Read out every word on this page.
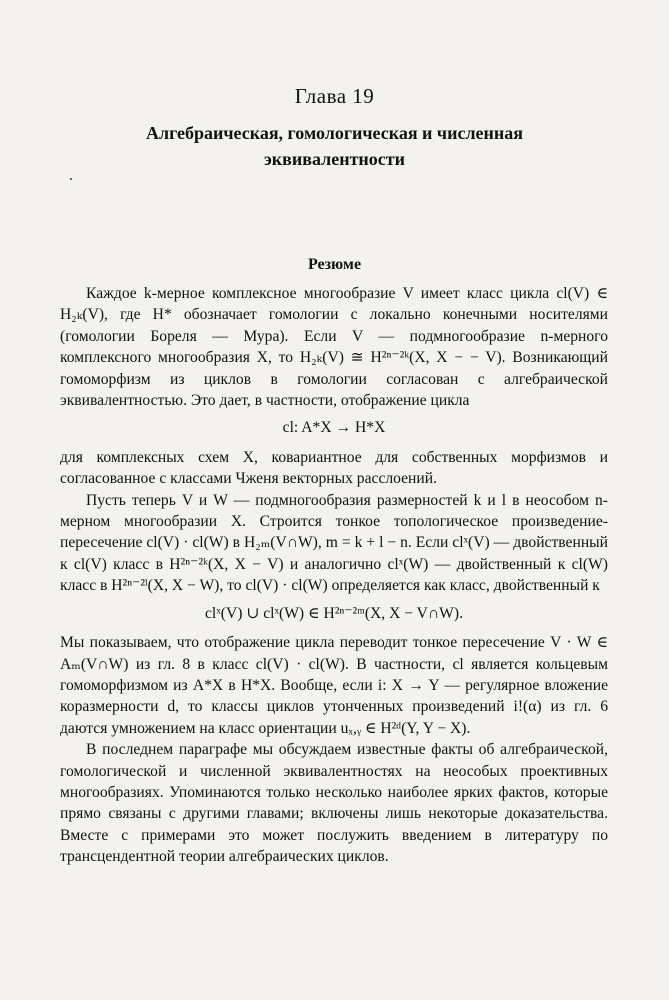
Глава 19
Алгебраическая, гомологическая и численная
эквивалентности
Резюме

Каждое k-мерное комплексное многообразие V имеет класс цикла cl(V) ∈ H₂ₖ(V), где H* обозначает гомологии с локально конечными носителями (гомологии Бореля — Мура). Если V — подмногообразие n-мерного комплексного многообразия X, то H₂ₖ(V) ≅ H²ⁿ⁻²ᵏ(X, X − − V). Возникающий гомоморфизм из циклов в гомологии согласован с алгебраической эквивалентностью. Это дает, в частности, отображение цикла

cl: A*X → H*X

для комплексных схем X, ковариантное для собственных морфизмов и согласованное с классами Чженя векторных расслоений.

Пусть теперь V и W — подмногообразия размерностей k и l в неособом n-мерном многообразии X. Строится тонкое топологическое произведение-пересечение cl(V) · cl(W) в H₂ₘ(V∩W), m = k + l − n. Если clˣ(V) — двойственный к cl(V) класс в H²ⁿ⁻²ᵏ(X, X − V) и аналогично clˣ(W) — двойственный к cl(W) класс в H²ⁿ⁻²ˡ(X, X − W), то cl(V) · cl(W) определяется как класс, двойственный к

clˣ(V) ∪ clˣ(W) ∈ H²ⁿ⁻²ᵐ(X, X − V∩W).

Мы показываем, что отображение цикла переводит тонкое пересечение V · W ∈ Aₘ(V∩W) из гл. 8 в класс cl(V) · cl(W). В частности, cl является кольцевым гомоморфизмом из A*X в H*X. Вообще, если i: X → Y — регулярное вложение коразмерности d, то классы циклов утонченных произведений i!(α) из гл. 6 даются умножением на класс ориентации uₓ,ᵧ ∈ H²ᵈ(Y, Y − X).

В последнем параграфе мы обсуждаем известные факты об алгебраической, гомологической и численной эквивалентностях на неособых проективных многообразиях. Упоминаются только несколько наиболее ярких фактов, которые прямо связаны с другими главами; включены лишь некоторые доказательства. Вместе с примерами это может послужить введением в литературу по трансцендентной теории алгебраических циклов.
